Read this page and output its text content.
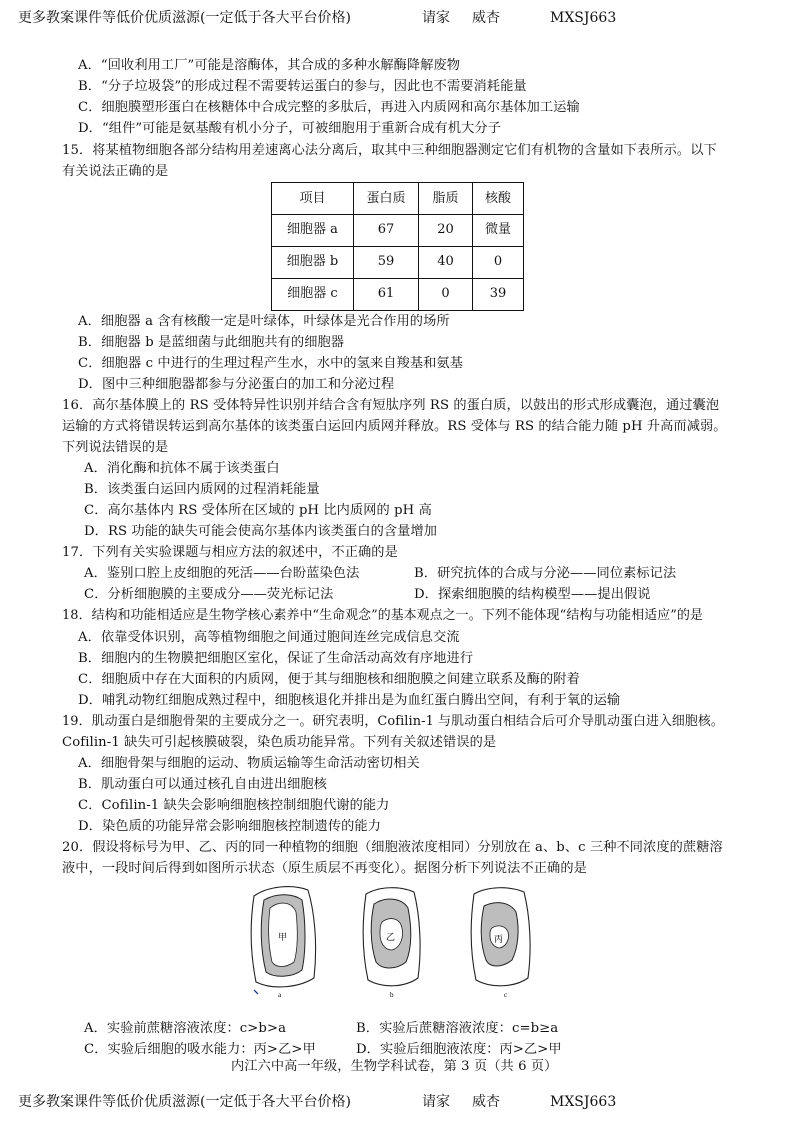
更多教案课件等低价优质滋源(一定低于各大平台价格)	请家 威杏	MXSJ663
A．“回收利用工厂”可能是溶酶体，其合成的多种水解酶降解废物
B．“分子垃圾袋”的形成过程不需要转运蛋白的参与，因此也不需要消耗能量
C．细胞膜塑形蛋白在核糖体中合成完整的多肽后，再进入内质网和高尔基体加工运输
D．“组件”可能是氨基酸有机小分子，可被细胞用于重新合成有机大分子
15．将某植物细胞各部分结构用差速离心法分离后，取其中三种细胞器测定它们有机物的含量如下表所示。以下
有关说法正确的是
项目	蛋白质	脂质	核酸
细胞器 a	67	20	微量
细胞器 b	59	40	0
细胞器 c	61	0	39
A．细胞器 a 含有核酸一定是叶绿体，叶绿体是光合作用的场所
B．细胞器 b 是蓝细菌与此细胞共有的细胞器
C．细胞器 c 中进行的生理过程产生水，水中的氢来自羧基和氨基
D．图中三种细胞器都参与分泌蛋白的加工和分泌过程
16．高尔基体膜上的 RS 受体特异性识别并结合含有短肽序列 RS 的蛋白质，以鼓出的形式形成囊泡，通过囊泡
运输的方式将错误转运到高尔基体的该类蛋白运回内质网并释放。RS 受体与 RS 的结合能力随 pH 升高而减弱。
下列说法错误的是
A．消化酶和抗体不属于该类蛋白
B．该类蛋白运回内质网的过程消耗能量
C．高尔基体内 RS 受体所在区域的 pH 比内质网的 pH 高
D．RS 功能的缺失可能会使高尔基体内该类蛋白的含量增加
17．下列有关实验课题与相应方法的叙述中，不正确的是
A．鉴别口腔上皮细胞的死活——台盼蓝染色法	B．研究抗体的合成与分泌——同位素标记法
C．分析细胞膜的主要成分——荧光标记法	D．探索细胞膜的结构模型——提出假说
18．结构和功能相适应是生物学核心素养中“生命观念”的基本观点之一。下列不能体现“结构与功能相适应”的是
A．依靠受体识别，高等植物细胞之间通过胞间连丝完成信息交流
B．细胞内的生物膜把细胞区室化，保证了生命活动高效有序地进行
C．细胞质中存在大面积的内质网，便于其与细胞核和细胞膜之间建立联系及酶的附着
D．哺乳动物红细胞成熟过程中，细胞核退化并排出是为血红蛋白腾出空间，有利于氧的运输
19．肌动蛋白是细胞骨架的主要成分之一。研究表明，Cofilin-1 与肌动蛋白相结合后可介导肌动蛋白进入细胞核。
Cofilin-1 缺失可引起核膜破裂，染色质功能异常。下列有关叙述错误的是
A．细胞骨架与细胞的运动、物质运输等生命活动密切相关
B．肌动蛋白可以通过核孔自由进出细胞核
C．Cofilin-1 缺失会影响细胞核控制细胞代谢的能力
D．染色质的功能异常会影响细胞核控制遗传的能力
20．假设将标号为甲、乙、丙的同一种植物的细胞（细胞液浓度相同）分别放在 a、b、c 三种不同浓度的蔗糖溶
液中，一段时间后得到如图所示状态（原生质层不再变化）。据图分析下列说法不正确的是
甲
a
乙
b
丙
c
A．实验前蔗糖溶液浓度：c>b>a	B．实验后蔗糖溶液浓度：c=b≥a
C．实验后细胞的吸水能力：丙>乙>甲	D．实验后细胞液浓度：丙>乙>甲
内江六中高一年级，生物学科试卷，第 3 页（共 6 页）
更多教案课件等低价优质滋源(一定低于各大平台价格)	请家 威杏	MXSJ663
